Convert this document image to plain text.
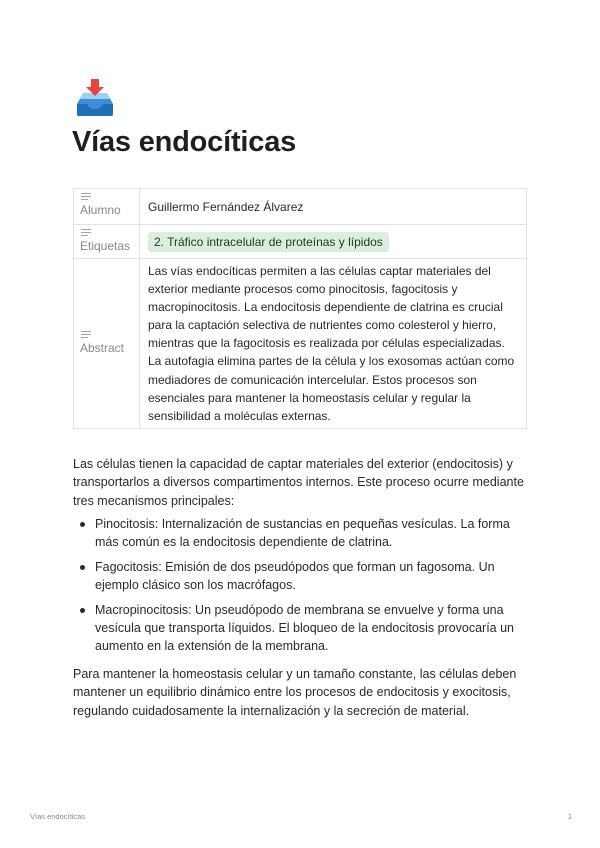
Vías endocíticas
Alumno	Guillermo Fernández Álvarez

Etiquetas	2. Tráfico intracelular de proteínas y lípidos

Abstract	Las vías endocíticas permiten a las células captar materiales del exterior mediante procesos como pinocitosis, fagocitosis y macropinocitosis. La endocitosis dependiente de clatrina es crucial para la captación selectiva de nutrientes como colesterol y hierro, mientras que la fagocitosis es realizada por células especializadas. La autofagia elimina partes de la célula y los exosomas actúan como mediadores de comunicación intercelular. Estos procesos son esenciales para mantener la homeostasis celular y regular la sensibilidad a moléculas externas.

Las células tienen la capacidad de captar materiales del exterior (endocitosis) y transportarlos a diversos compartimentos internos. Este proceso ocurre mediante tres mecanismos principales:

Pinocitosis: Internalización de sustancias en pequeñas vesículas. La forma más común es la endocitosis dependiente de clatrina.
Fagocitosis: Emisión de dos pseudópodos que forman un fagosoma. Un ejemplo clásico son los macrófagos.
Macropinocitosis: Un pseudópodo de membrana se envuelve y forma una vesícula que transporta líquidos. El bloqueo de la endocitosis provocaría un aumento en la extensión de la membrana.

Para mantener la homeostasis celular y un tamaño constante, las células deben mantener un equilibrio dinámico entre los procesos de endocitosis y exocitosis, regulando cuidadosamente la internalización y la secreción de material.

Vías endocíticas	1
